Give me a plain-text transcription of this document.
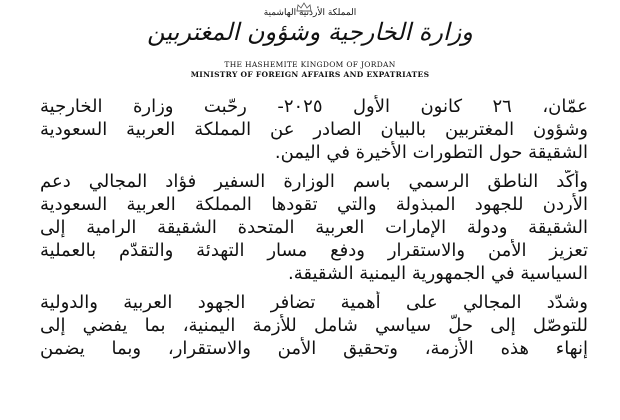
المملكة الأردنية الهاشمية
وزارة الخارجية وشؤون المغتربين
THE HASHEMITE KINGDOM OF JORDAN
MINISTRY OF FOREIGN AFFAIRS AND EXPATRIATES
عمّان، ٢٦ كانون الأول ٢٠٢٥- رحّبت وزارة الخارجية
وشؤون المغتربين بالبيان الصادر عن المملكة العربية السعودية
الشقيقة حول التطورات الأخيرة في اليمن.
وأكّد الناطق الرسمي باسم الوزارة السفير فؤاد المجالي دعم
الأردن للجهود المبذولة والتي تقودها المملكة العربية السعودية
الشقيقة ودولة الإمارات العربية المتحدة الشقيقة الرامية إلى
تعزيز الأمن والاستقرار ودفع مسار التهدئة والتقدّم بالعملية
السياسية في الجمهورية اليمنية الشقيقة.
وشدّد المجالي على أهمية تضافر الجهود العربية والدولية
للتوصّل إلى حلّ سياسي شامل للأزمة اليمنية، بما يفضي إلى
إنهاء هذه الأزمة، وتحقيق الأمن والاستقرار، وبما يضمن
